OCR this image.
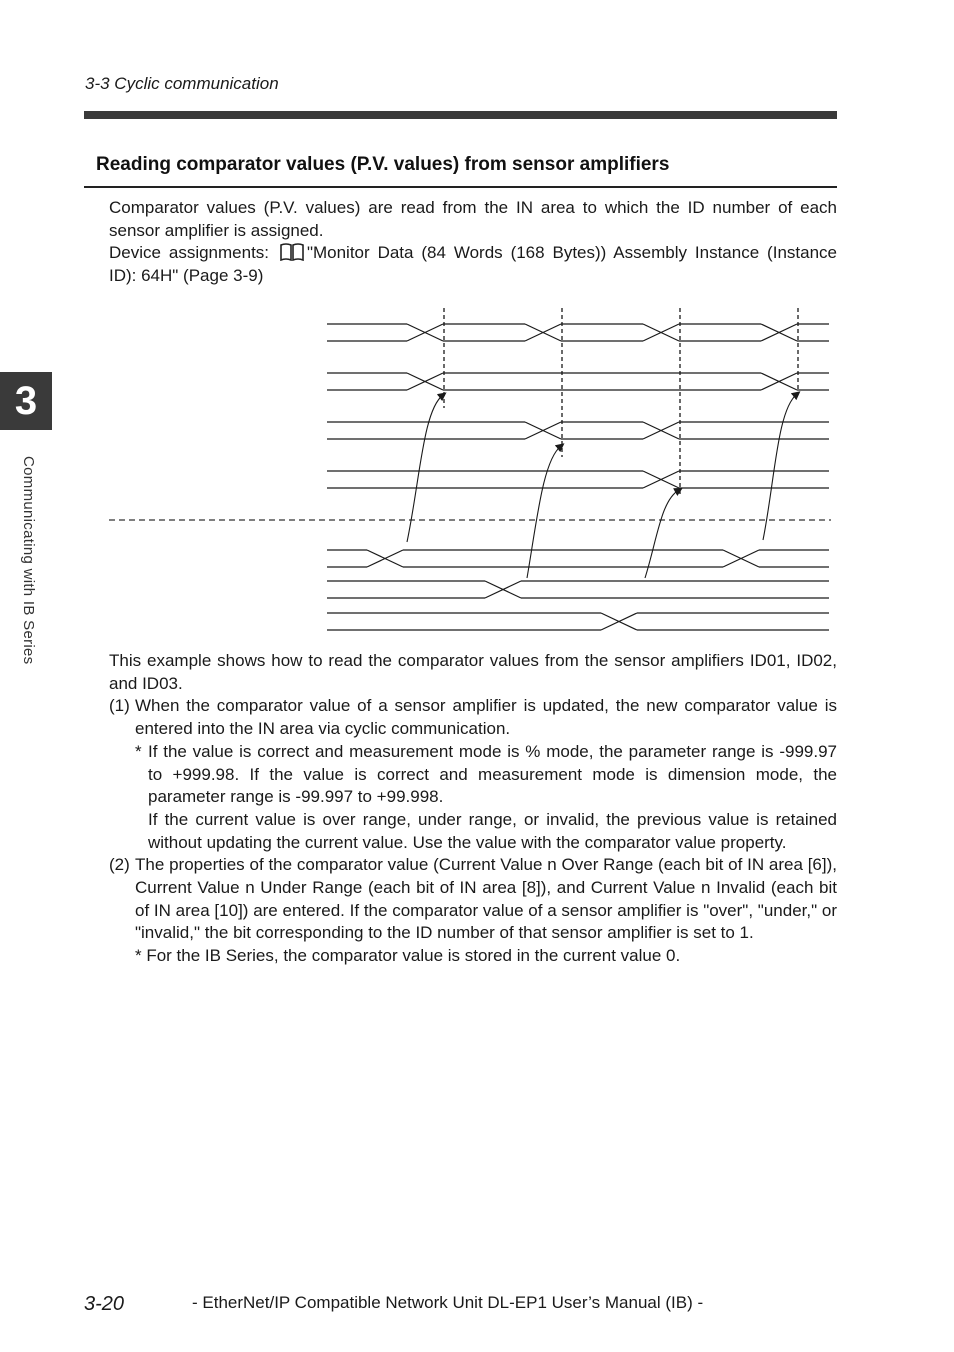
3-3 Cyclic communication
Reading comparator values (P.V. values) from sensor amplifiers

Comparator values (P.V. values) are read from the IN area to which the ID number of each sensor amplifier is assigned.

Device assignments: "Monitor Data (84 Words (168 Bytes)) Assembly Instance (Instance ID): 64H" (Page 3-9)

This example shows how to read the comparator values from the sensor amplifiers ID01, ID02, and ID03.

(1) When the comparator value of a sensor amplifier is updated, the new comparator value is entered into the IN area via cyclic communication.

* If the value is correct and measurement mode is % mode, the parameter range is -999.97 to +999.98. If the value is correct and measurement mode is dimension mode, the parameter range is -99.997 to +99.998.

If the current value is over range, under range, or invalid, the previous value is retained without updating the current value. Use the value with the comparator value property.

(2) The properties of the comparator value (Current Value n Over Range (each bit of IN area [6]), Current Value n Under Range (each bit of IN area [8]), and Current Value n Invalid (each bit of IN area [10]) are entered. If the comparator value of a sensor amplifier is "over", "under," or "invalid," the bit corresponding to the ID number of that sensor amplifier is set to 1.

* For the IB Series, the comparator value is stored in the current value 0.

3
Communicating with IB Series
3-20	- EtherNet/IP Compatible Network Unit DL-EP1 User’s Manual (IB) -
